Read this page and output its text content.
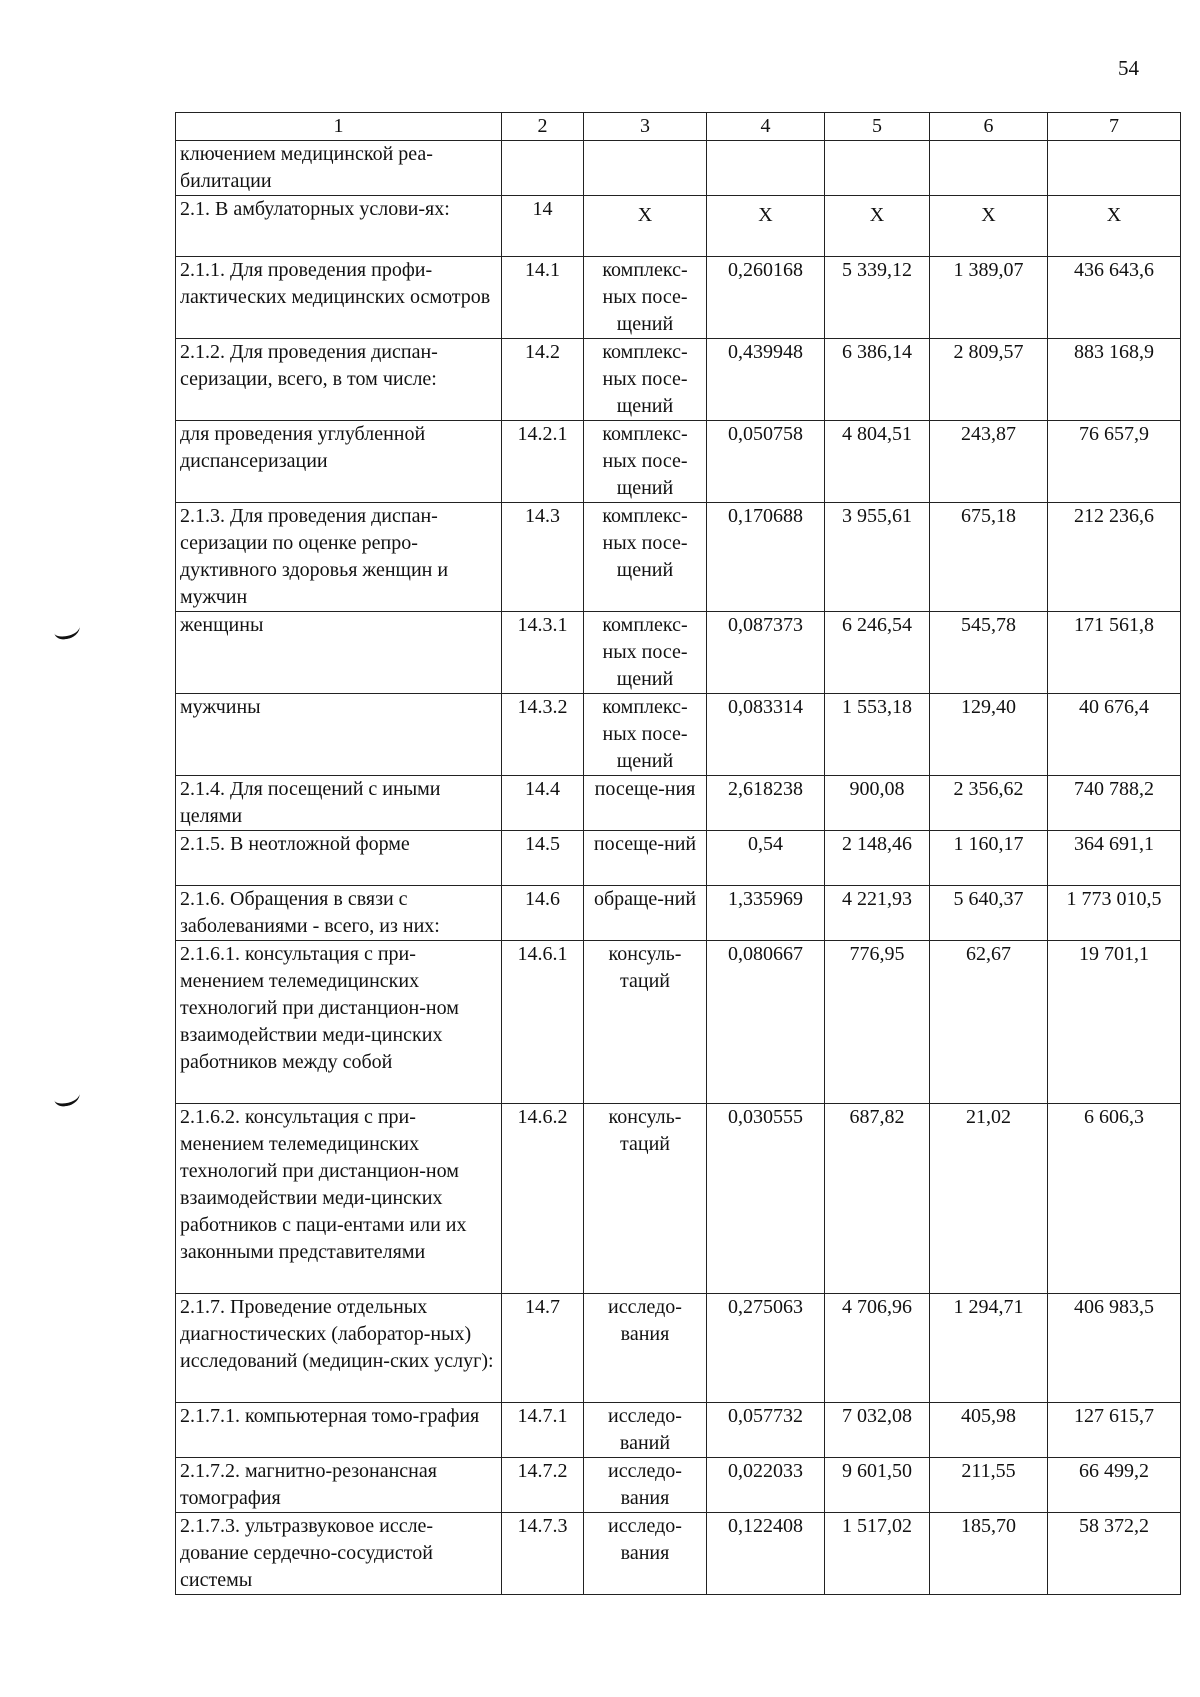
54
1	2	3	4	5	6	7
ключением медицинской реа-билитации						
2.1. В амбулаторных услови-ях:	14	Х	Х	Х	Х	Х
2.1.1. Для проведения профи-лактических медицинских осмотров	14.1	комплекс-ных посе-щений	0,260168	5 339,12	1 389,07	436 643,6
2.1.2. Для проведения диспан-серизации, всего, в том числе:	14.2	комплекс-ных посе-щений	0,439948	6 386,14	2 809,57	883 168,9
для проведения углубленной диспансеризации	14.2.1	комплекс-ных посе-щений	0,050758	4 804,51	243,87	76 657,9
2.1.3. Для проведения диспан-серизации по оценке репро-дуктивного здоровья женщин и мужчин	14.3	комплекс-ных посе-щений	0,170688	3 955,61	675,18	212 236,6
женщины	14.3.1	комплекс-ных посе-щений	0,087373	6 246,54	545,78	171 561,8
мужчины	14.3.2	комплекс-ных посе-щений	0,083314	1 553,18	129,40	40 676,4
2.1.4. Для посещений с иными целями	14.4	посеще-ния	2,618238	900,08	2 356,62	740 788,2
2.1.5. В неотложной форме	14.5	посеще-ний	0,54	2 148,46	1 160,17	364 691,1
2.1.6. Обращения в связи с заболеваниями - всего, из них:	14.6	обраще-ний	1,335969	4 221,93	5 640,37	1 773 010,5
2.1.6.1. консультация с при-менением телемедицинских технологий при дистанцион-ном взаимодействии меди-цинских работников между собой	14.6.1	консуль-таций	0,080667	776,95	62,67	19 701,1
2.1.6.2. консультация с при-менением телемедицинских технологий при дистанцион-ном взаимодействии меди-цинских работников с паци-ентами или их законными представителями	14.6.2	консуль-таций	0,030555	687,82	21,02	6 606,3
2.1.7. Проведение отдельных диагностических (лаборатор-ных) исследований (медицин-ских услуг):	14.7	исследо-вания	0,275063	4 706,96	1 294,71	406 983,5
2.1.7.1. компьютерная томо-графия	14.7.1	исследо-ваний	0,057732	7 032,08	405,98	127 615,7
2.1.7.2. магнитно-резонансная томография	14.7.2	исследо-вания	0,022033	9 601,50	211,55	66 499,2
2.1.7.3. ультразвуковое иссле-дование сердечно-сосудистой системы	14.7.3	исследо-вания	0,122408	1 517,02	185,70	58 372,2
